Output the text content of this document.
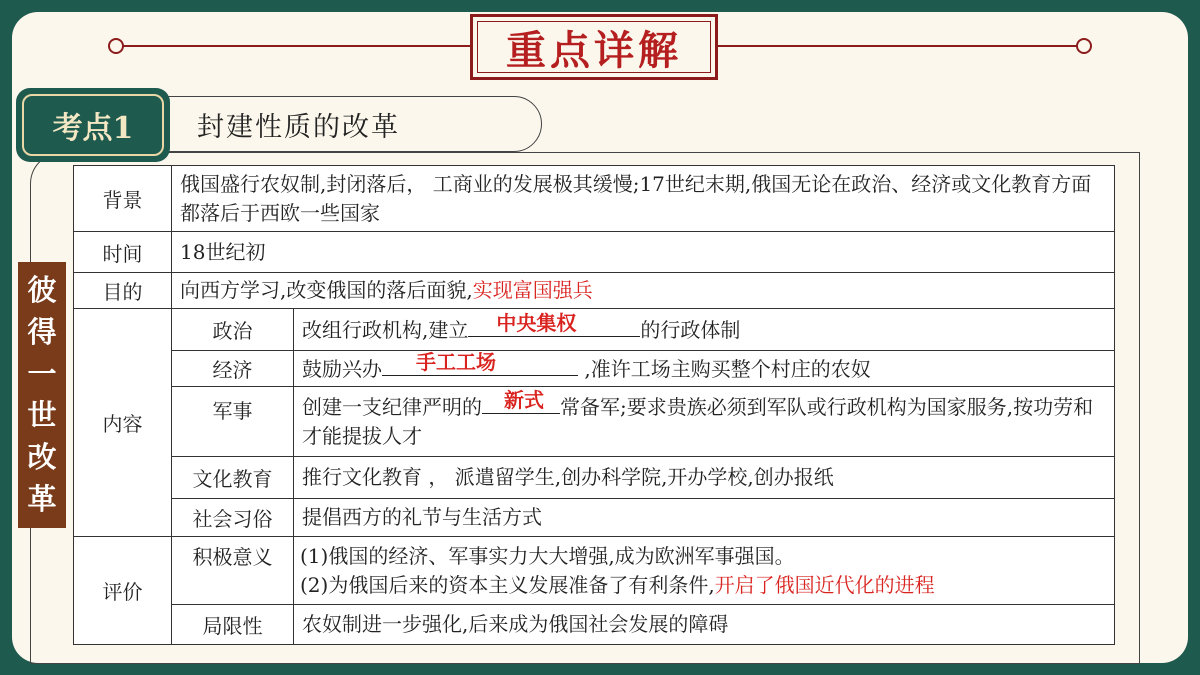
重点详解
封建性质的改革
考点1
彼
得
一
世
改
革
背景	俄国盛行农奴制,封闭落后， 工商业的发展极其缓慢;17世纪末期,俄国无论在政治、经济或文化教育方面都落后于西欧一些国家	
时间	18世纪初	
目的	向西方学习,改变俄国的落后面貌,实现富国强兵	
内容	政治	改组行政机构,建立 中央集权 的行政体制
	经济	鼓励兴办 手工工场 ,准许工场主购买整个村庄的农奴
	军事	创建一支纪律严明的 新式 常备军;要求贵族必须到军队或行政机构为国家服务,按功劳和才能提拔人才
	文化教育	推行文化教育 ， 派遣留学生,创办科学院,开办学校,创办报纸
	社会习俗	提倡西方的礼节与生活方式
评价	积极意义	(1)俄国的经济、军事实力大大增强,成为欧洲军事强国。
(2)为俄国后来的资本主义发展准备了有利条件,开启了俄国近代化的进程

	局限性	农奴制进一步强化,后来成为俄国社会发展的障碍
